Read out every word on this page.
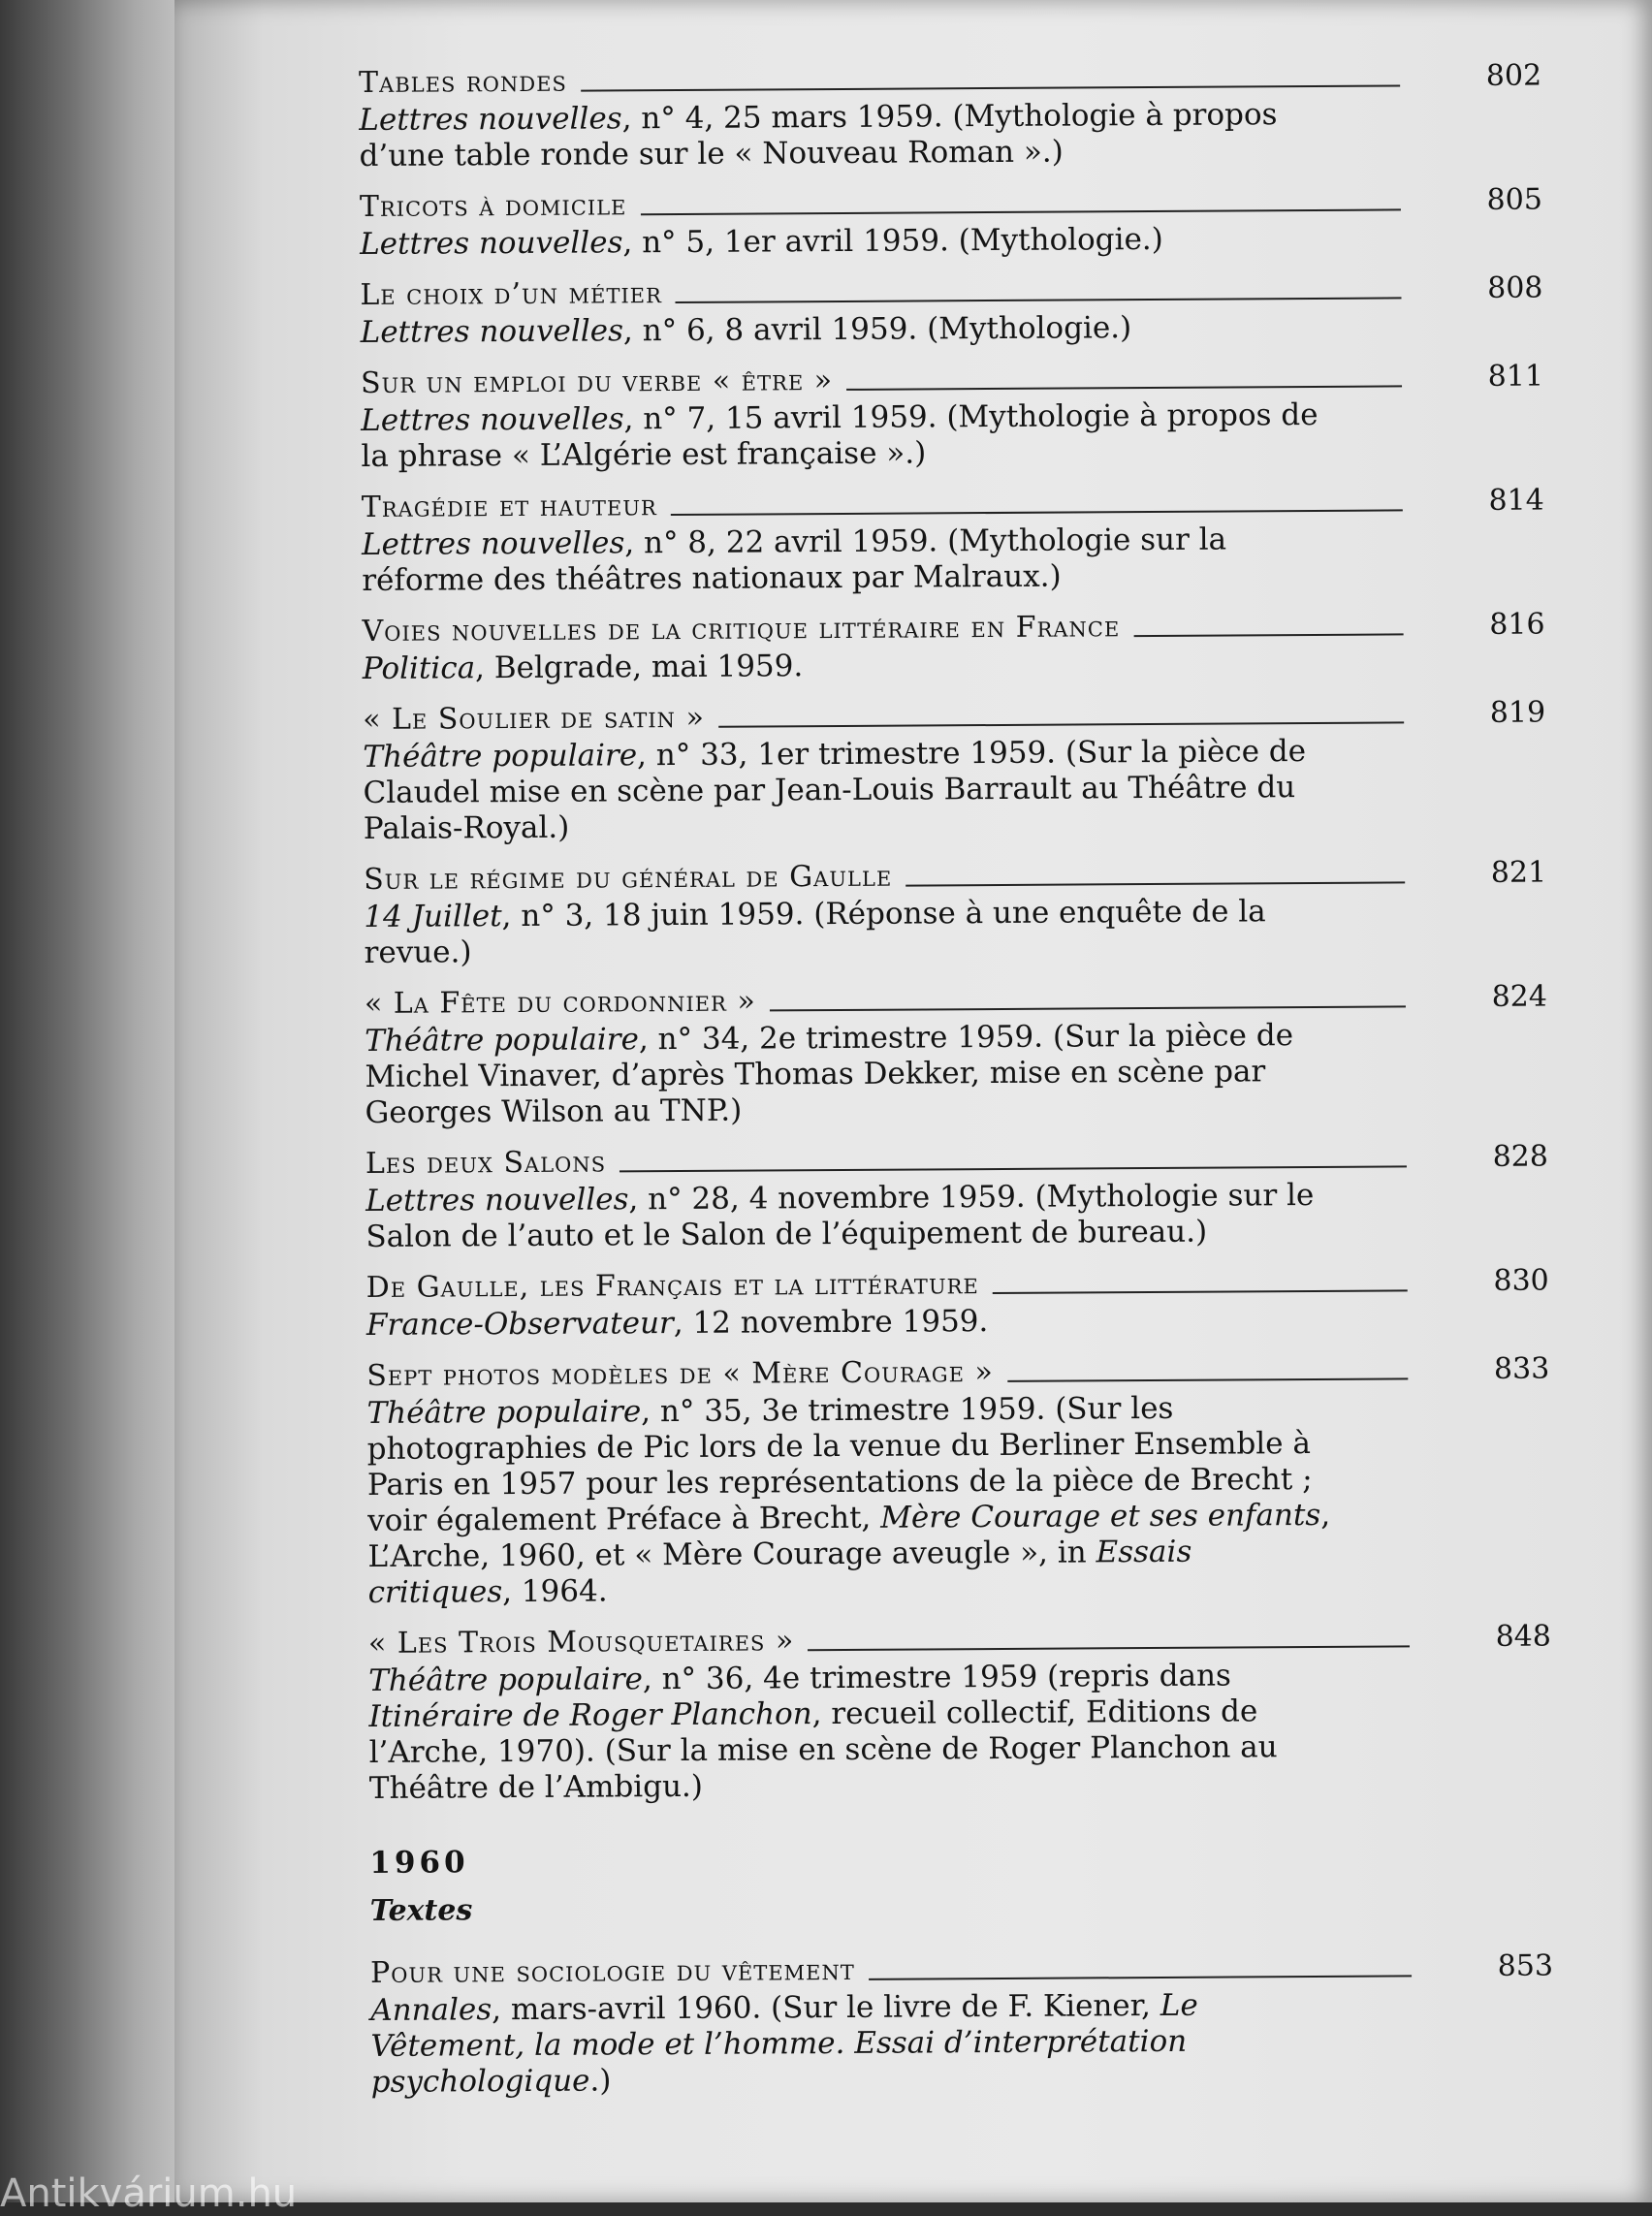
Tables rondes	802
Lettres nouvelles, n° 4, 25 mars 1959. (Mythologie à propos d’une table ronde sur le « Nouveau Roman ».)
Tricots à domicile	805
Lettres nouvelles, n° 5, 1er avril 1959. (Mythologie.)
Le choix d’un métier	808
Lettres nouvelles, n° 6, 8 avril 1959. (Mythologie.)
Sur un emploi du verbe « être »	811
Lettres nouvelles, n° 7, 15 avril 1959. (Mythologie à propos de la phrase « L’Algérie est française ».)
Tragédie et hauteur	814
Lettres nouvelles, n° 8, 22 avril 1959. (Mythologie sur la réforme des théâtres nationaux par Malraux.)
Voies nouvelles de la critique littéraire en France	816
Politica, Belgrade, mai 1959.
« Le Soulier de satin »	819
Théâtre populaire, n° 33, 1er trimestre 1959. (Sur la pièce de Claudel mise en scène par Jean-Louis Barrault au Théâtre du Palais-Royal.)
Sur le régime du général de Gaulle	821
14 Juillet, n° 3, 18 juin 1959. (Réponse à une enquête de la revue.)
« La Fête du cordonnier »	824
Théâtre populaire, n° 34, 2e trimestre 1959. (Sur la pièce de Michel Vinaver, d’après Thomas Dekker, mise en scène par Georges Wilson au TNP.)
Les deux Salons	828
Lettres nouvelles, n° 28, 4 novembre 1959. (Mythologie sur le Salon de l’auto et le Salon de l’équipement de bureau.)
De Gaulle, les Français et la littérature	830
France-Observateur, 12 novembre 1959.
Sept photos modèles de « Mère Courage »	833
Théâtre populaire, n° 35, 3e trimestre 1959. (Sur les photographies de Pic lors de la venue du Berliner Ensemble à Paris en 1957 pour les représentations de la pièce de Brecht ; voir également Préface à Brecht, Mère Courage et ses enfants, L’Arche, 1960, et « Mère Courage aveugle », in Essais critiques, 1964.
« Les Trois Mousquetaires »	848
Théâtre populaire, n° 36, 4e trimestre 1959 (repris dans Itinéraire de Roger Planchon, recueil collectif, Editions de l’Arche, 1970). (Sur la mise en scène de Roger Planchon au Théâtre de l’Ambigu.)
1960
Textes
Pour une sociologie du vêtement	853
Annales, mars-avril 1960. (Sur le livre de F. Kiener, Le Vêtement, la mode et l’homme. Essai d’interprétation psychologique.)
Antikvárium.hu
